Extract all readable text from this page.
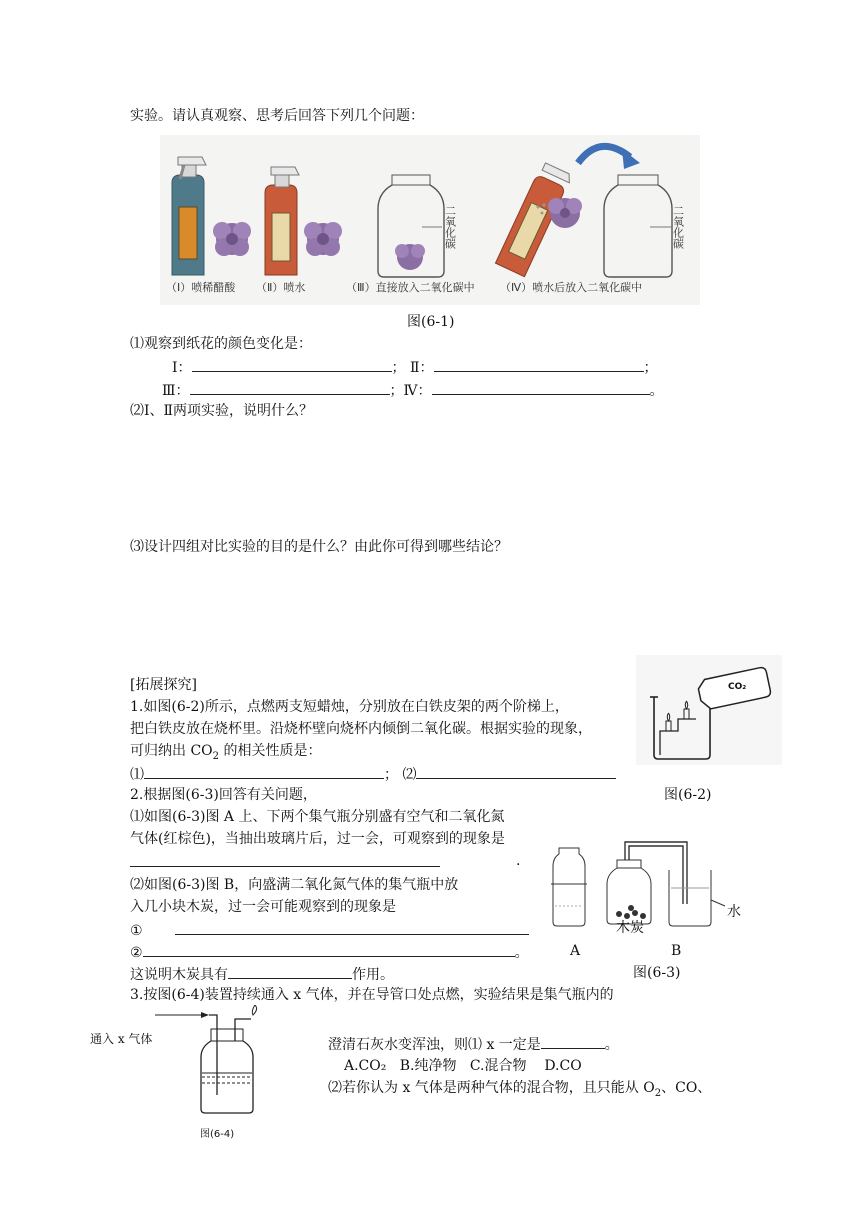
实验。请认真观察、思考后回答下列几个问题：
二氧化碳	二氧化碳
（Ⅰ）喷稀醋酸 （Ⅱ）喷水	（Ⅲ）直接放入二氧化碳中 （Ⅳ）喷水后放入二氧化碳中
图(6-1)
⑴观察到纸花的颜色变化是：
Ⅰ：	； Ⅱ：	；
Ⅲ：	；Ⅳ：	。
⑵Ⅰ、Ⅱ两项实验，说明什么？
⑶设计四组对比实验的目的是什么？由此你可得到哪些结论？
[拓展探究]
1.如图(6-2)所示，点燃两支短蜡烛，分别放在白铁皮架的两个阶梯上，
把白铁皮放在烧杯里。沿烧杯壁向烧杯内倾倒二氧化碳。根据实验的现象，
可归纳出 $CO_2$ 的相关性质是：
⑴	； ⑵
CO₂
图(6-2)
2.根据图(6-3)回答有关问题，
⑴如图(6-3)图 A 上、下两个集气瓶分别盛有空气和二氧化氮
气体(红棕色)，当抽出玻璃片后，过一会，可观察到的现象是
.
⑵如图(6-3)图 B，向盛满二氧化氮气体的集气瓶中放
入几小块木炭，过一会可能观察到的现象是
①
②	。
这说明木炭具有	作用。
水
木炭
A	B
图(6-3)
3.按图(6-4)装置持续通入 x 气体，并在导管口处点燃，实验结果是集气瓶内的
通入 x 气体
图(6-4)
澄清石灰水变浑浊，则⑴ x 一定是	。
A.CO₂ B.纯净物 C.混合物 D.CO
⑵若你认为 x 气体是两种气体的混合物，且只能从 $O_2$、CO、
